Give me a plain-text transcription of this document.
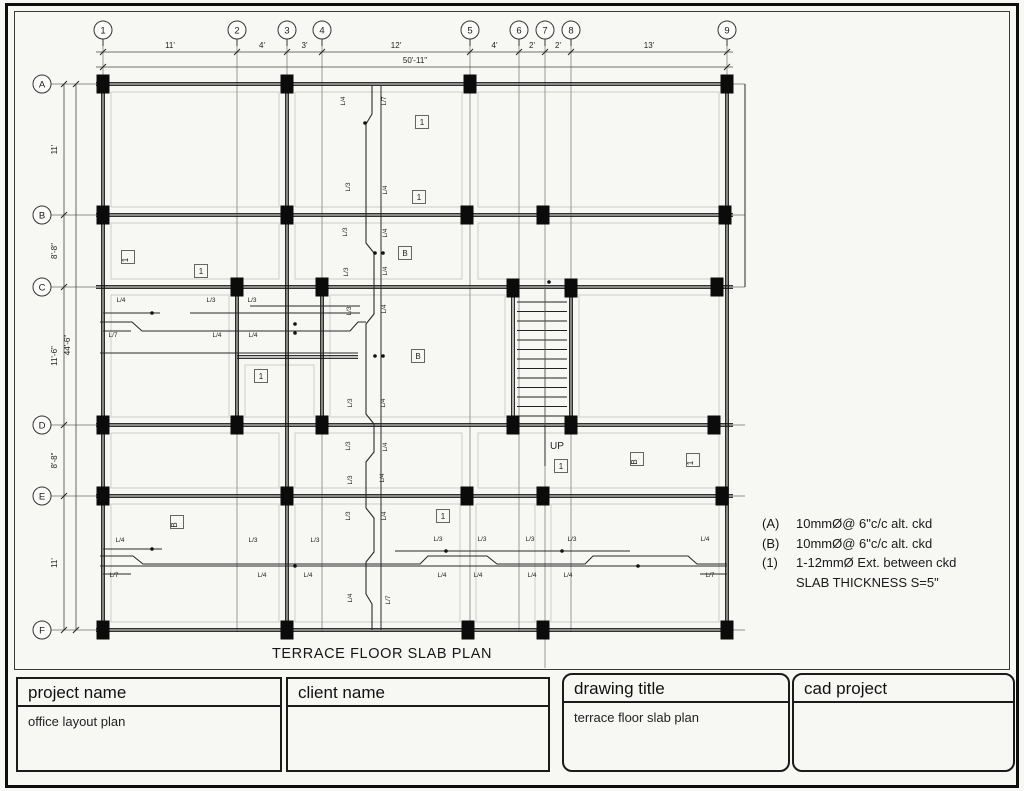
11'	4'	3'	12'	4'	2'	2'	13'
50'-11"
11'
8'-8"
11'-6"
8'-8"
11'
44'-6"
UP
1
1
B
1
1
B
1
1
1	B	1
B
L/4	L/7
L/3	L/4
L/3	L/4
L/3	L/4
L/3	L/4
L/3	L/4
L/3	L/4
L/3	L/4
L/3	L/4
L/4	L/7
L/4	L/3	L/3
L/7	L/4	L/4
L/4	L/3	L/3	L/3	L/3	L/3	L/3	L/4
L/7	L/4	L/4	L/4	L/4	L/4	L/4	L/7
1	2	3	4	5	6 7 8	9
A
B
C
D
E
F
TERRACE FLOOR SLAB PLAN
(A) 10mmØ@ 6"c/c alt. ckd
(B) 10mmØ@ 6"c/c alt. ckd
(1) 1-12mmØ Ext. between ckd
SLAB THICKNESS S=5"
project name
office layout plan
client name	drawing title
terrace floor slab plan
cad project
